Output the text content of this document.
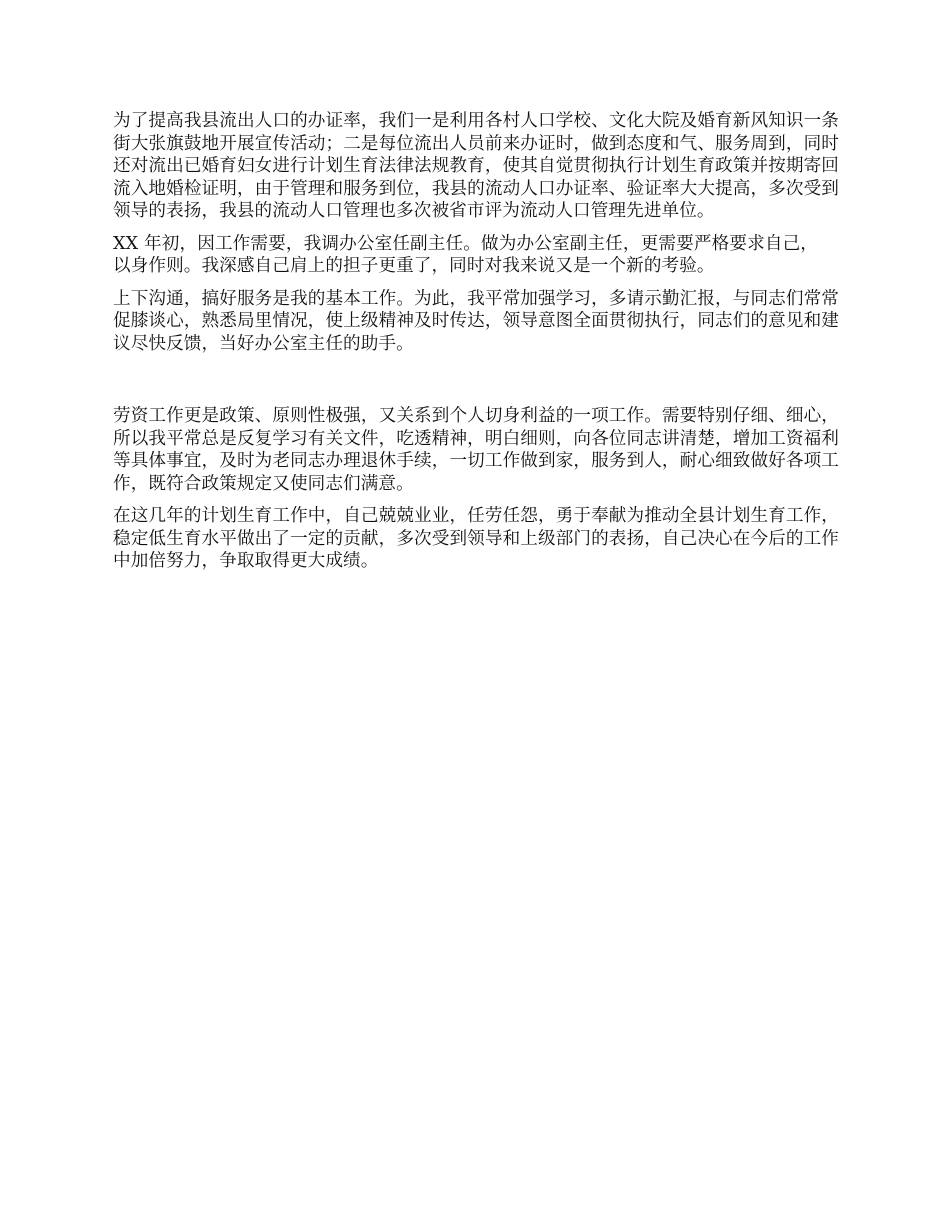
为了提高我县流出人口的办证率，我们一是利用各村人口学校、文化大院及婚育新风知识一条街大张旗鼓地开展宣传活动；二是每位流出人员前来办证时，做到态度和气、服务周到，同时还对流出已婚育妇女进行计划生育法律法规教育，使其自觉贯彻执行计划生育政策并按期寄回流入地婚检证明，由于管理和服务到位，我县的流动人口办证率、验证率大大提高，多次受到领导的表扬，我县的流动人口管理也多次被省市评为流动人口管理先进单位。

XX 年初，因工作需要，我调办公室任副主任。做为办公室副主任，更需要严格要求自己，以身作则。我深感自己肩上的担子更重了，同时对我来说又是一个新的考验。

上下沟通，搞好服务是我的基本工作。为此，我平常加强学习，多请示勤汇报，与同志们常常促膝谈心，熟悉局里情况，使上级精神及时传达，领导意图全面贯彻执行，同志们的意见和建议尽快反馈，当好办公室主任的助手。

劳资工作更是政策、原则性极强，又关系到个人切身利益的一项工作。需要特别仔细、细心，所以我平常总是反复学习有关文件，吃透精神，明白细则，向各位同志讲清楚，增加工资福利等具体事宜，及时为老同志办理退休手续，一切工作做到家，服务到人，耐心细致做好各项工作，既符合政策规定又使同志们满意。

在这几年的计划生育工作中，自己兢兢业业，任劳任怨，勇于奉献为推动全县计划生育工作，稳定低生育水平做出了一定的贡献，多次受到领导和上级部门的表扬，自己决心在今后的工作中加倍努力，争取取得更大成绩。
